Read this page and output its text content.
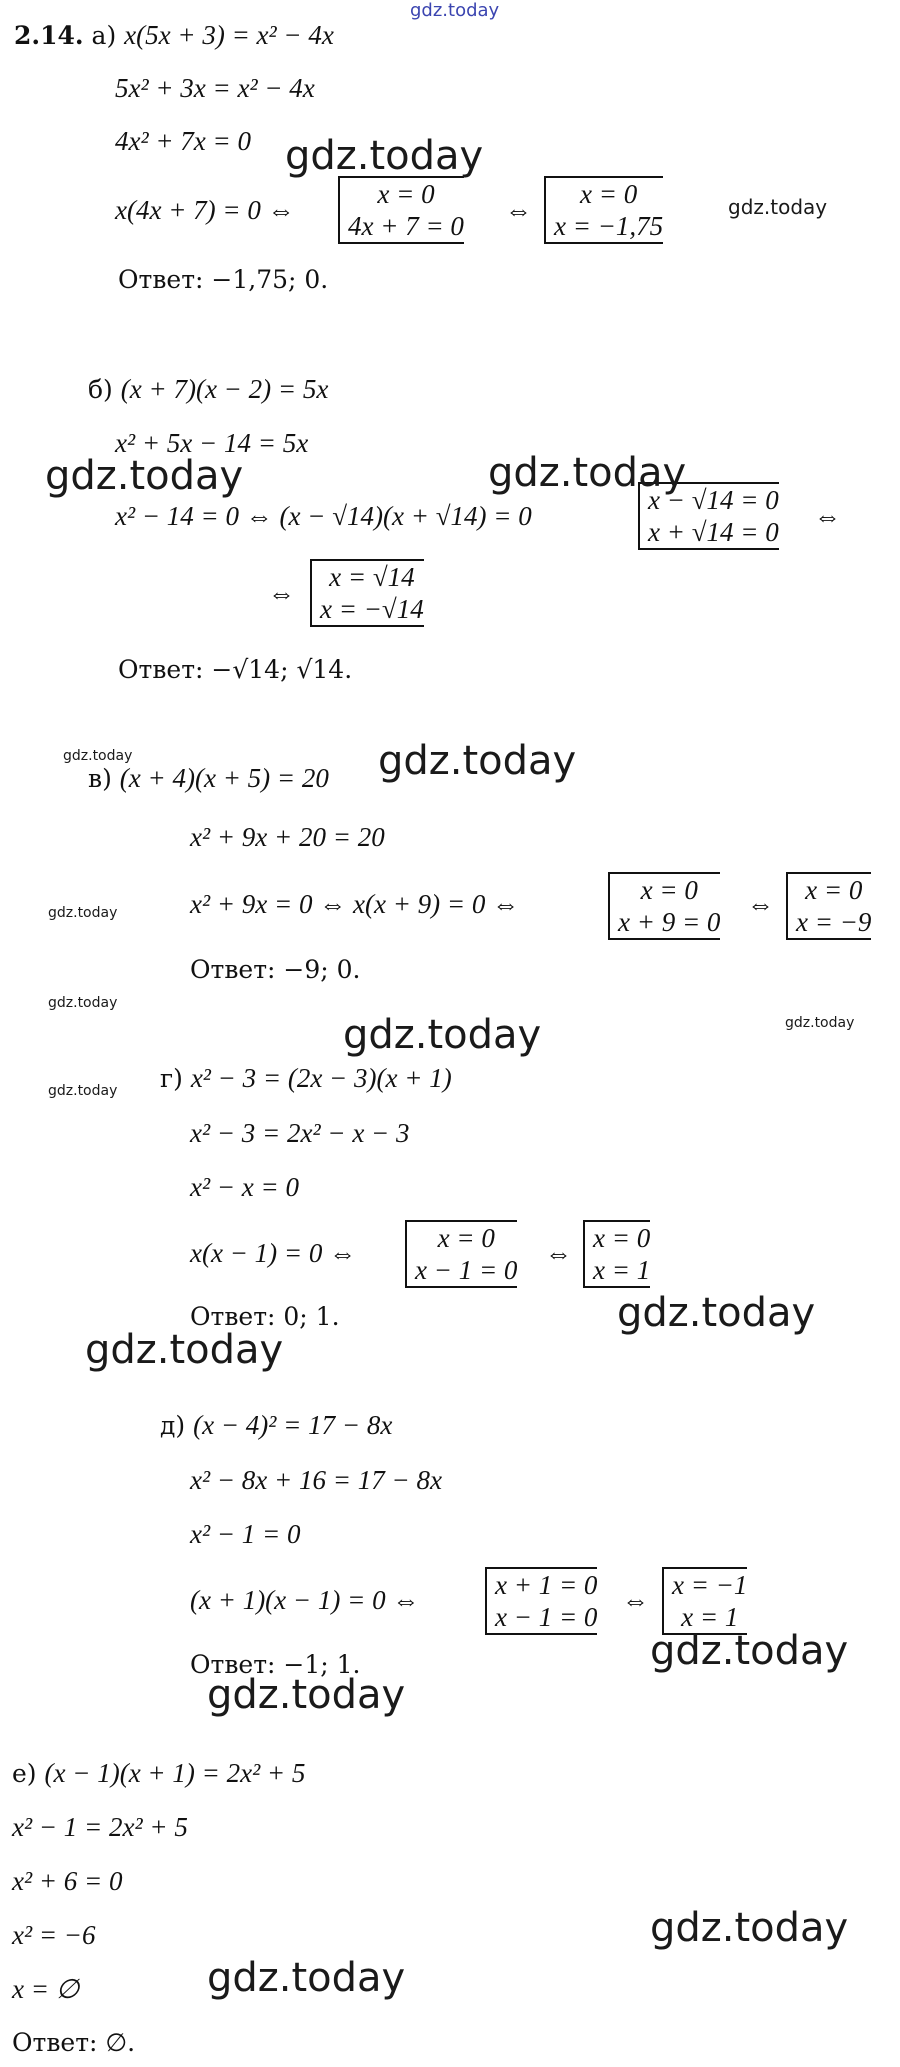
2.14. а) x(5x + 3) = x² − 4x
5x² + 3x = x² − 4x
4x² + 7x = 0
x(4x + 7) = 0 ⇔
x = 0
4x + 7 = 0
⇔
x = 0
x = −1,75
Ответ: −1,75; 0.
б) (x + 7)(x − 2) = 5x
x² + 5x − 14 = 5x
x² − 14 = 0 ⇔ (x − √14)(x + √14) = 0
x − √14 = 0
x + √14 = 0
⇔
⇔
x = √14
x = −√14
Ответ: −√14; √14.
в) (x + 4)(x + 5) = 20
x² + 9x + 20 = 20
x² + 9x = 0 ⇔ x(x + 9) = 0 ⇔	x = 0
x + 9 = 0
⇔	x = 0
x = −9
Ответ: −9; 0.
г) x² − 3 = (2x − 3)(x + 1)
x² − 3 = 2x² − x − 3
x² − x = 0
x(x − 1) = 0 ⇔	x = 0
x − 1 = 0
⇔ x = 0
x = 1
Ответ: 0; 1.
д) (x − 4)² = 17 − 8x
x² − 8x + 16 = 17 − 8x
x² − 1 = 0
(x + 1)(x − 1) = 0 ⇔	x + 1 = 0
x − 1 = 0
⇔ x = −1
x = 1
Ответ: −1; 1.
е) (x − 1)(x + 1) = 2x² + 5
x² − 1 = 2x² + 5
x² + 6 = 0
x² = −6
x = ∅
Ответ: ∅.
gdz.today
gdz.today
gdz.today
gdz.today	gdz.today
gdz.today	gdz.today
gdz.today
gdz.today
gdz.today	gdz.today
gdz.today
gdz.today
gdz.today
gdz.today
gdz.today
gdz.today
gdz.today
